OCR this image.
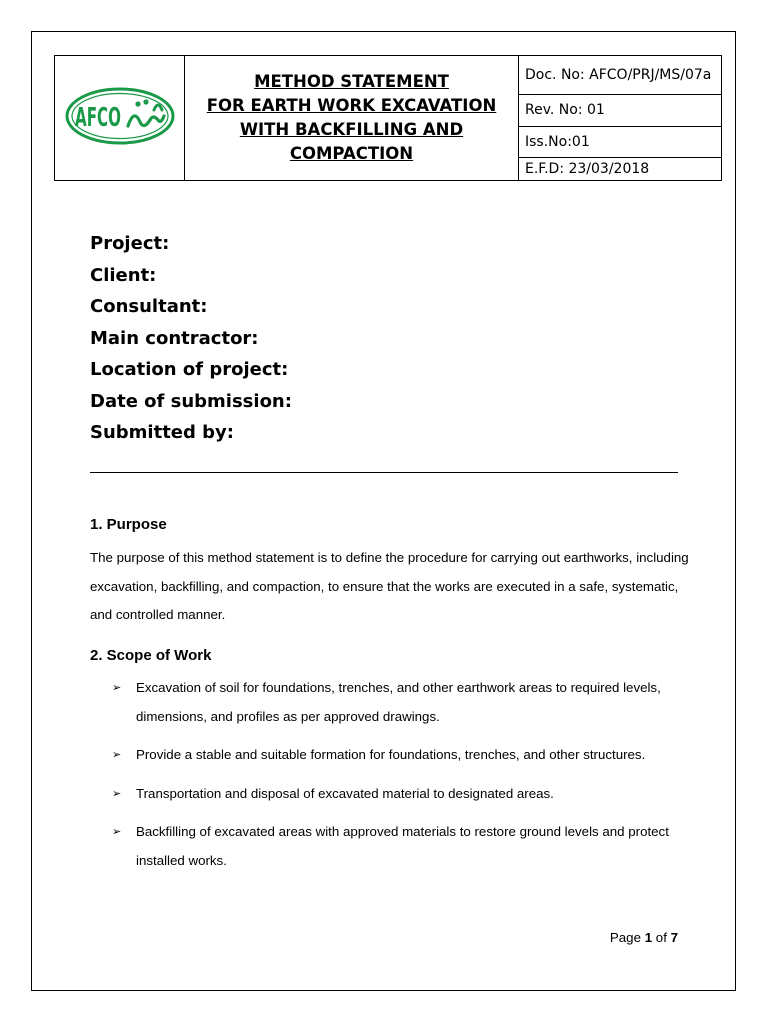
AFCO

METHOD STATEMENT
FOR EARTH WORK EXCAVATION
WITH BACKFILLING AND
COMPACTION
	Doc. No: AFCO/PRJ/MS/07a
Rev. No: 01
Iss.No:01
E.F.D: 23/03/2018
Project:
Client:
Consultant:
Main contractor:
Location of project:
Date of submission:
Submitted by:
1. Purpose
The purpose of this method statement is to define the procedure for carrying out earthworks, including excavation, backfilling, and compaction, to ensure that the works are executed in a safe, systematic, and controlled manner.
2. Scope of Work
➢ Excavation of soil for foundations, trenches, and other earthwork areas to required levels, dimensions, and profiles as per approved drawings.
➢ Provide a stable and suitable formation for foundations, trenches, and other structures.
➢ Transportation and disposal of excavated material to designated areas.
➢ Backfilling of excavated areas with approved materials to restore ground levels and protect installed works.
Page 1 of 7
